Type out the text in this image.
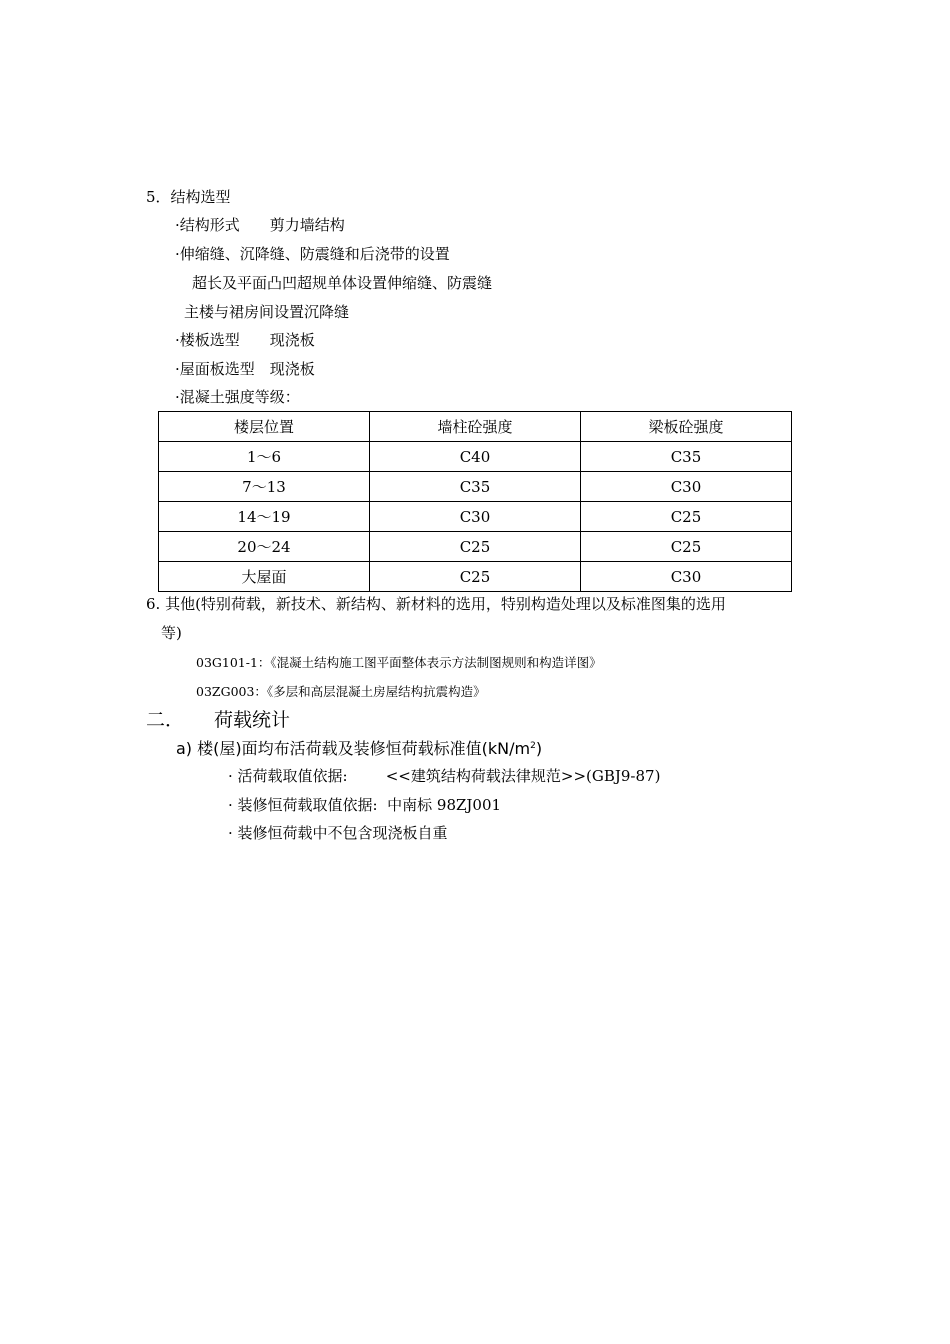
5．结构选型
·结构形式　　剪力墙结构
·伸缩缝、沉降缝、防震缝和后浇带的设置
超长及平面凸凹超规单体设置伸缩缝、防震缝
主楼与裙房间设置沉降缝
·楼板选型　　现浇板
·屋面板选型　现浇板
·混凝土强度等级：
楼层位置	墙柱砼强度	梁板砼强度
1～6	C40	C35
7～13	C35	C30
14～19	C30	C25
20～24	C25	C25
大屋面	C25	C30
6. 其他(特别荷载，新技术、新结构、新材料的选用，特别构造处理以及标准图集的选用
等)
03G101-1：《混凝土结构施工图平面整体表示方法制图规则和构造详图》
03ZG003：《多层和高层混凝土房屋结构抗震构造》
二． 荷载统计
a) 楼(屋)面均布活荷载及装修恒荷载标准值$(kN/m^2)$
· 活荷载取值依据:        <<建筑结构荷载法律规范>>(GBJ9-87)
· 装修恒荷载取值依据:  中南标 98ZJ001
· 装修恒荷载中不包含现浇板自重
